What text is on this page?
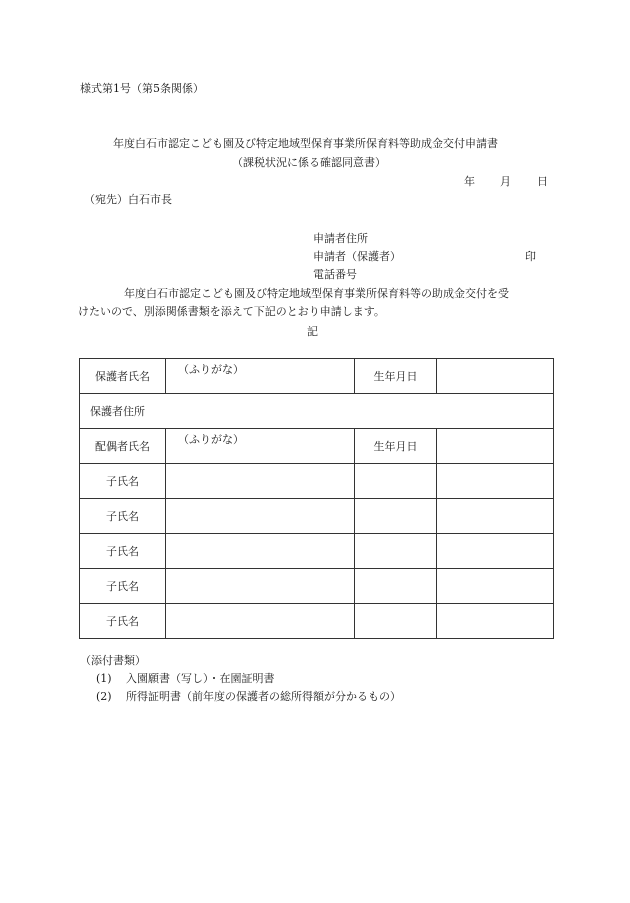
様式第1号（第5条関係）
年度白石市認定こども園及び特定地域型保育事業所保育料等助成金交付申請書
（課税状況に係る確認同意書）
年 月 日
（宛先）白石市長
申請者住所
申請者（保護者）	印
電話番号
年度白石市認定こども園及び特定地域型保育事業所保育料等の助成金交付を受
けたいので、別添関係書類を添えて下記のとおり申請します。
記
保護者氏名	（ふりがな）	生年月日	
保護者住所			
配偶者氏名	（ふりがな）	生年月日	
子氏名			
子氏名			
子氏名			
子氏名			
子氏名			
（添付書類）
(1) 入園願書（写し）・在園証明書
(2) 所得証明書（前年度の保護者の総所得額が分かるもの）
